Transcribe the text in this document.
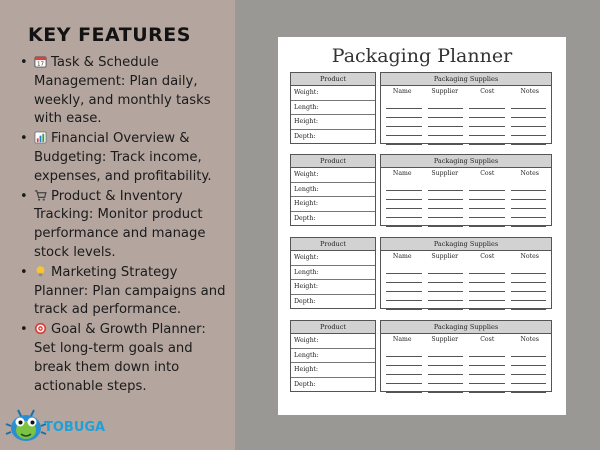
KEY FEATURES
• 17 Task & Schedule Management: Plan daily, weekly, and monthly tasks with ease.
• Financial Overview & Budgeting: Track income, expenses, and profitability.
• Product & Inventory Tracking: Monitor product performance and manage stock levels.
• Marketing Strategy Planner: Plan campaigns and track ad performance.
• Goal & Growth Planner: Set long-term goals and break them down into actionable steps.
TOBUGA
Packaging Planner
Product
Weight:
Length:
Height:
Depth:
Packaging Supplies
Name	Supplier	Cost	Notes
Product
Weight:
Length:
Height:
Depth:
Packaging Supplies
Name	Supplier	Cost	Notes
Product
Weight:
Length:
Height:
Depth:
Packaging Supplies
Name	Supplier	Cost	Notes
Product
Weight:
Length:
Height:
Depth:
Packaging Supplies
Name	Supplier	Cost	Notes
